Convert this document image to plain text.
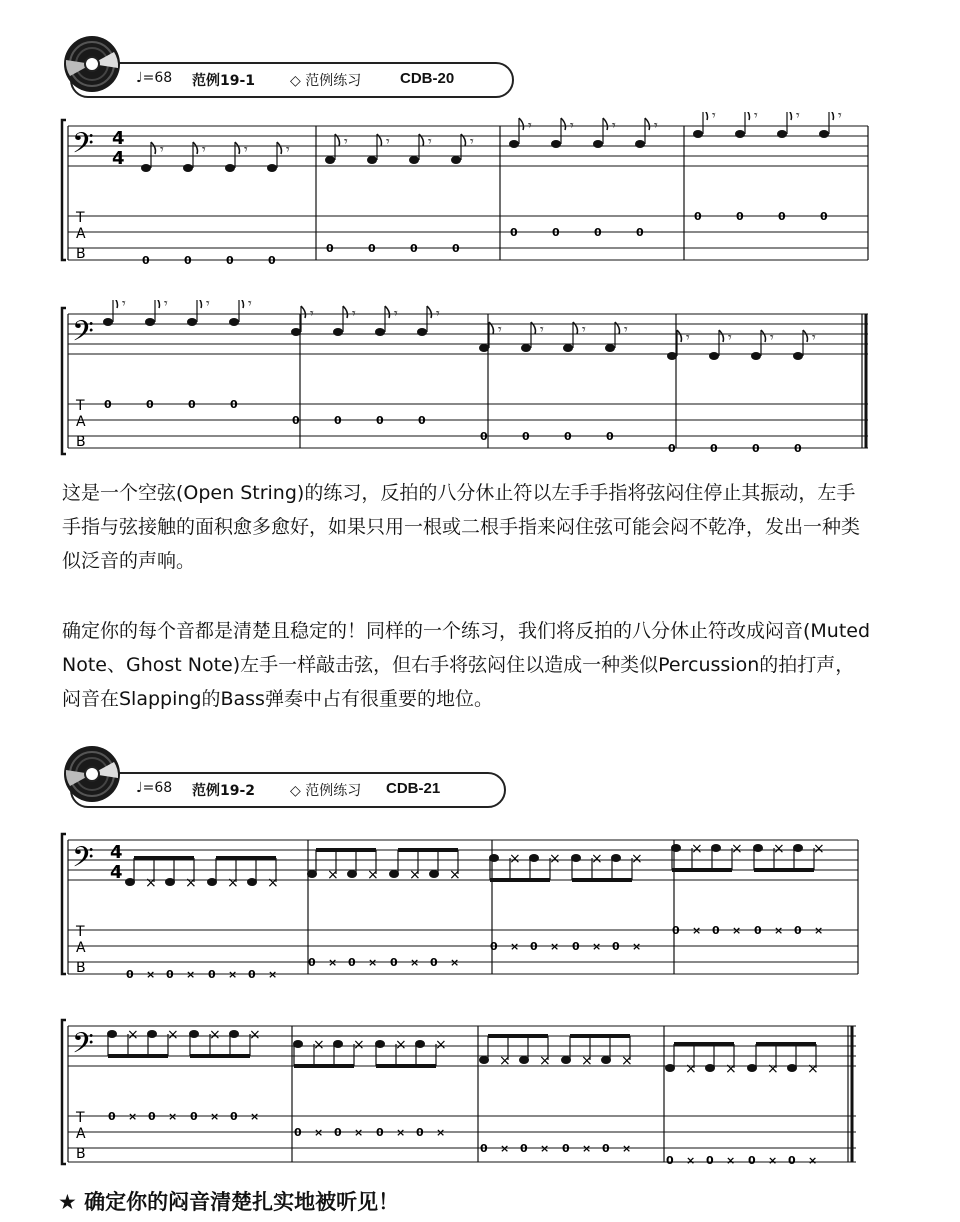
♩=68 范例19-1 ◇ 范例练习	CDB-20
𝄢 4
4
T
A
B
𝄾
0
𝄾
0
𝄾
0
𝄾
0
𝄾
0
𝄾
0
𝄾
0
𝄾
0
𝄾
0
𝄾
0
𝄾
0
𝄾
0
𝄾
0
𝄾
0
𝄾
0
𝄾
0
𝄢
T
A
B
𝄾
0
𝄾
0
𝄾
0
𝄾
0
𝄾
0
𝄾
0
𝄾
0
𝄾
0
𝄾
0
𝄾
0
𝄾
0
𝄾
0
𝄾
0
𝄾
0
𝄾
0
𝄾
0

这是一个空弦(Open String)的练习，反拍的八分休止符以左手手指将弦闷住停止其振动，左手手指与弦接触的面积愈多愈好，如果只用一根或二根手指来闷住弦可能会闷不乾净，发出一种类似泛音的声响。

确定你的每个音都是清楚且稳定的！同样的一个练习，我们将反拍的八分休止符改成闷音(Muted Note、Ghost Note)左手一样敲击弦，但右手将弦闷住以造成一种类似Percussion的拍打声，闷音在Slapping的Bass弹奏中占有很重要的地位。

♩=68 范例19-2 ◇ 范例练习 CDB-21
𝄢 4
4
T
A
B	0
×
× 0
×
× 0
×
× 0
×
×
0
×
× 0
×
× 0
×
× 0
×
×
0
×
× 0
×
× 0
×
× 0
×
×
0
×
× 0
×
× 0
×
× 0
×
×
𝄢
T
A
B
0
×
× 0
×
× 0
×
× 0
×
×
0
×
× 0
×
× 0
×
× 0
×
×
0
×
× 0
×
× 0
×
× 0
×
×
0
×
× 0
×
× 0
×
× 0
×
×
★ 确定你的闷音清楚扎实地被听见！
